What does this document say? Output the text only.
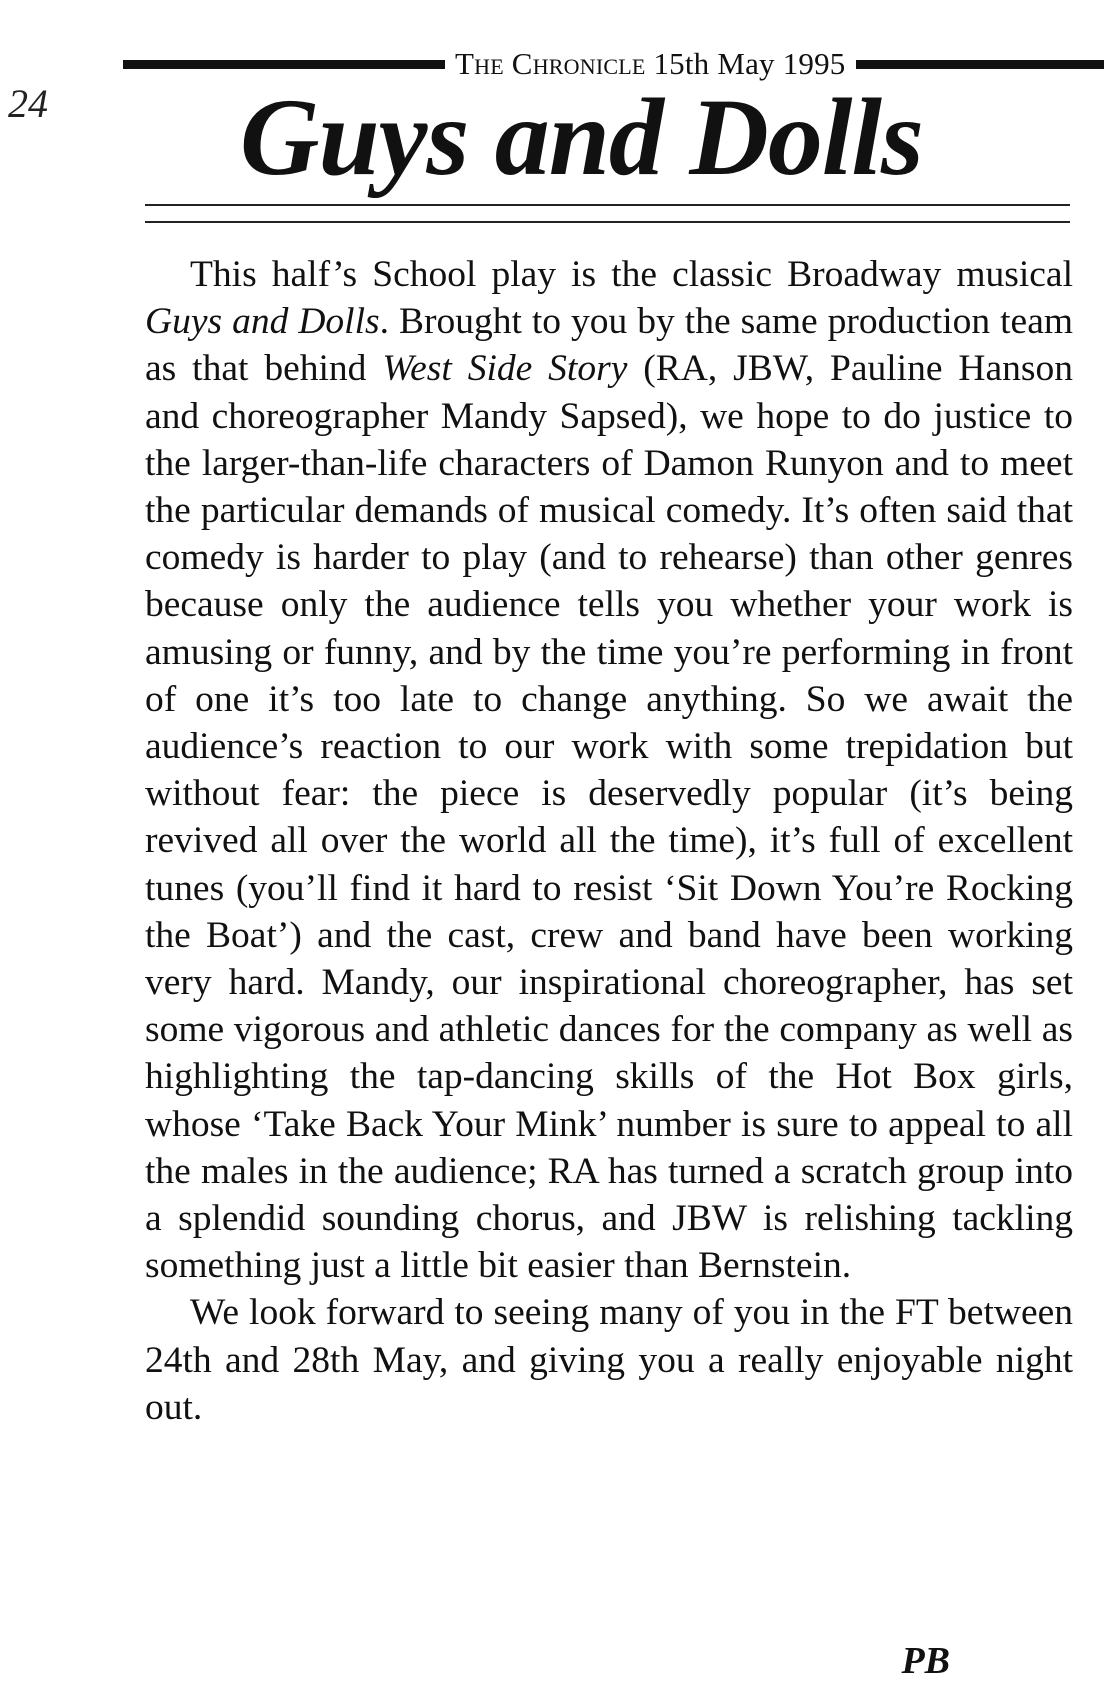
24
The Chronicle 15th May 1995
Guys and Dolls

This half’s School play is the classic Broadway musical Guys and Dolls. Brought to you by the same production team as that behind West Side Story (RA, JBW, Pauline Hanson and choreographer Mandy Sapsed), we hope to do justice to the larger-than-life characters of Damon Runyon and to meet the particular demands of musical comedy. It’s often said that comedy is harder to play (and to rehearse) than other genres because only the audience tells you whether your work is amusing or funny, and by the time you’re performing in front of one it’s too late to change anything. So we await the audience’s reaction to our work with some trepidation but without fear: the piece is deservedly popular (it’s being revived all over the world all the time), it’s full of excellent tunes (you’ll find it hard to resist ‘Sit Down You’re Rocking the Boat’) and the cast, crew and band have been working very hard. Mandy, our inspirational choreographer, has set some vigorous and athletic dances for the company as well as highlighting the tap-dancing skills of the Hot Box girls, whose ‘Take Back Your Mink’ number is sure to appeal to all the males in the audience; RA has turned a scratch group into a splendid sounding chorus, and JBW is relishing tackling something just a little bit easier than Bernstein.

We look forward to seeing many of you in the FT between 24th and 28th May, and giving you a really enjoyable night out.

PB
